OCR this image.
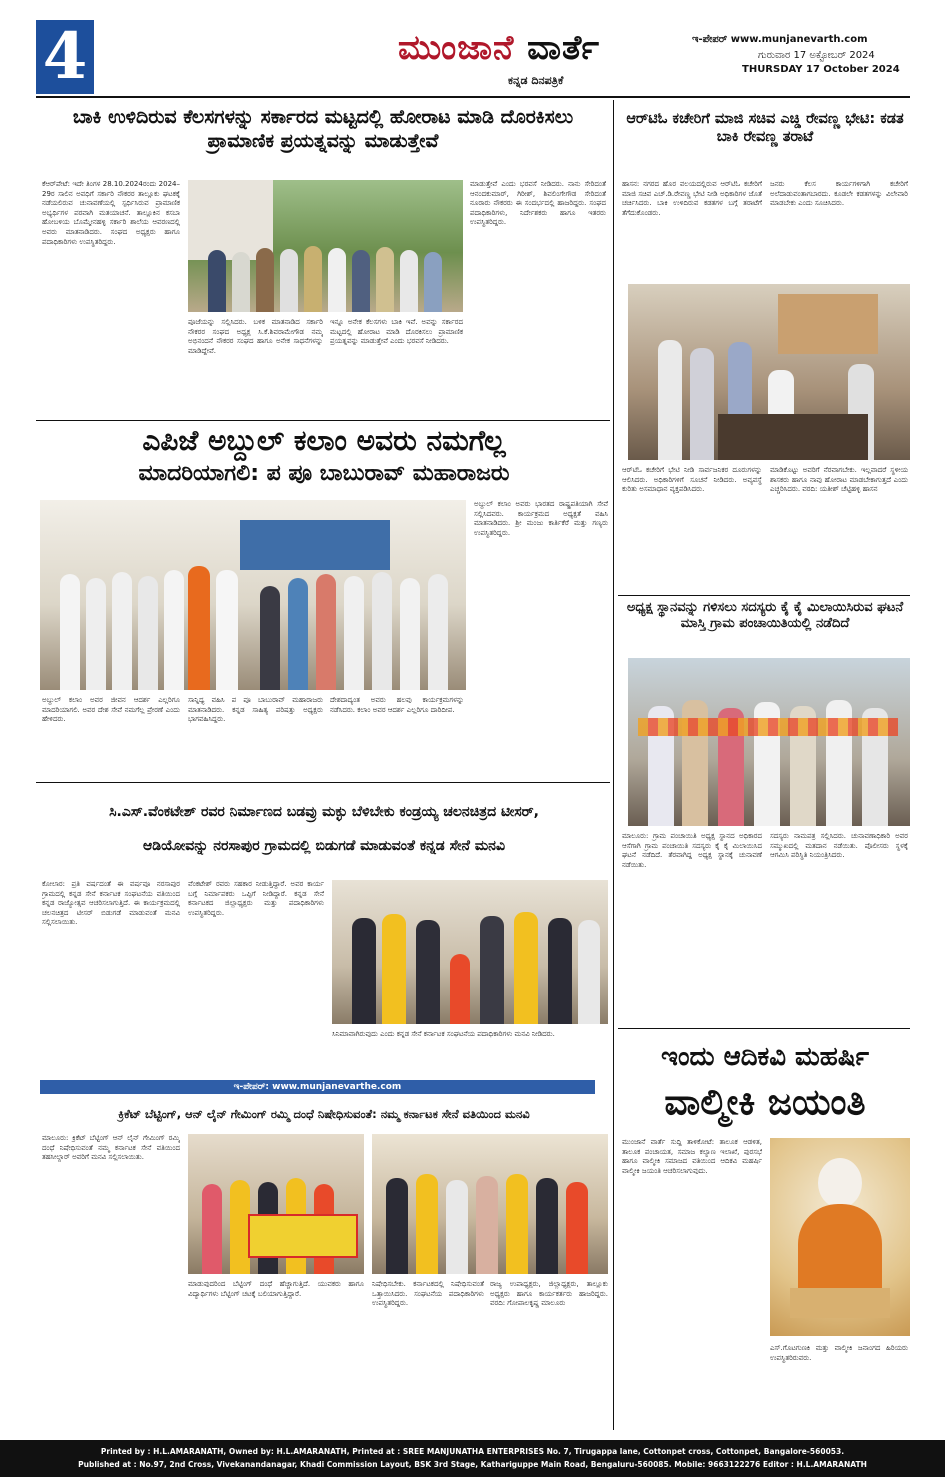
4	ಮುಂಜಾನೆ ವಾರ್ತೆ
ಕನ್ನಡ ದಿನಪತ್ರಿಕೆ
ಇ-ಪೇಪರ್ www.munjanevarth.com
ಗುರುವಾರ 17 ಅಕ್ಟೋಬರ್ 2024
THURSDAY 17 October 2024
ಬಾಕಿ ಉಳಿದಿರುವ ಕೆಲಸಗಳನ್ನು ಸರ್ಕಾರದ ಮಟ್ಟದಲ್ಲಿ ಹೋರಾಟ ಮಾಡಿ ದೊರಕಿಸಲು ಪ್ರಾಮಾಣಿಕ ಪ್ರಯತ್ನವನ್ನು ಮಾಡುತ್ತೇವೆ
ಕೆಆರ್‌ಪೇಟೆ: ಇದೇ ತಿಂಗಳ 28.10.2024ರಂದು 2024–29ರ ಸಾಲಿನ ಅವಧಿಗೆ ಸರ್ಕಾರಿ ನೌಕರರ ತಾಲ್ಲೂಕು ಘಟಕಕ್ಕೆ ನಡೆಯಲಿರುವ ಚುನಾವಣೆಯಲ್ಲಿ ಸ್ಪರ್ಧಿಸಿರುವ ಪ್ರಾಮಾಣಿಕ ಅಭ್ಯರ್ಥಿಗಳ ಪರವಾಗಿ ಮತಯಾಚನೆ. ತಾಲ್ಲೂಕಿನ ಕಸಬಾ ಹೋಬಳಿಯ ಬೊಮ್ಮೇನಹಳ್ಳಿ ಸರ್ಕಾರಿ ಶಾಲೆಯ ಆವರಣದಲ್ಲಿ ಅವರು ಮಾತನಾಡಿದರು. ಸಂಘದ ಅಧ್ಯಕ್ಷರು ಹಾಗೂ ಪದಾಧಿಕಾರಿಗಳು ಉಪಸ್ಥಿತರಿದ್ದರು.
ಪೂಜೆಯನ್ನು ಸಲ್ಲಿಸಿದರು. ಬಳಿಕ ಮಾತನಾಡಿದ ಸರ್ಕಾರಿ ನೌಕರರ ಸಂಘದ ಅಧ್ಯಕ್ಷ ಸಿ.ಕೆ.ಶಿವರಾಮೇಗೌಡ ನಮ್ಮ ಅಭಿನಂದನೆ ನೌಕರರ ಸಂಘದ ಹಾಗೂ ಅನೇಕ ಸಾಧನೆಗಳನ್ನು ಮಾಡಿದ್ದೇವೆ.
ಇನ್ನೂ ಅನೇಕ ಕೆಲಸಗಳು ಬಾಕಿ ಇವೆ. ಅವನ್ನು ಸರ್ಕಾರದ ಮಟ್ಟದಲ್ಲಿ ಹೋರಾಟ ಮಾಡಿ ದೊರಕಿಸಲು ಪ್ರಾಮಾಣಿಕ ಪ್ರಯತ್ನವನ್ನು ಮಾಡುತ್ತೇವೆ ಎಂದು ಭರವಸೆ ನೀಡಿದರು.
ಮಾಡುತ್ತೇವೆ ಎಂದು ಭರವಸೆ ನೀಡಿದರು. ನಾನು ಸೇರಿದಂತೆ ಆನಂದಕುಮಾರ್, ಗಿರೀಶ್, ಶಿವಲಿಂಗೇಗೌಡ ಸೇರಿದಂತೆ ನೂರಾರು ನೌಕರರು ಈ ಸಂದರ್ಭದಲ್ಲಿ ಹಾಜರಿದ್ದರು. ಸಂಘದ ಪದಾಧಿಕಾರಿಗಳು, ನಿರ್ದೇಶಕರು ಹಾಗೂ ಇತರರು ಉಪಸ್ಥಿತರಿದ್ದರು.
ಆರ್‌ಟಿಓ ಕಚೇರಿಗೆ ಮಾಜಿ ಸಚಿವ ಎಚ್ಡಿ ರೇವಣ್ಣ ಭೇಟಿ: ಕಡತ ಬಾಕಿ ರೇವಣ್ಣ ತರಾಟೆ
ಹಾಸನ: ನಗರದ ಹೊರ ವಲಯದಲ್ಲಿರುವ ಆರ್‌ಟಿಓ ಕಚೇರಿಗೆ ಮಾಜಿ ಸಚಿವ ಎಚ್.ಡಿ.ರೇವಣ್ಣ ಭೇಟಿ ನೀಡಿ ಅಧಿಕಾರಿಗಳ ಜೊತೆ ಚರ್ಚಿಸಿದರು. ಬಾಕಿ ಉಳಿದಿರುವ ಕಡತಗಳ ಬಗ್ಗೆ ತರಾಟೆಗೆ ತೆಗೆದುಕೊಂಡರು.
ಜನರು ಕೆಲಸ ಕಾರ್ಯಗಳಿಗಾಗಿ ಕಚೇರಿಗೆ ಅಲೆದಾಡುವಂತಾಗಬಾರದು. ಕೂಡಲೇ ಕಡತಗಳನ್ನು ವಿಲೇವಾರಿ ಮಾಡಬೇಕು ಎಂದು ಸೂಚಿಸಿದರು.
ಆರ್‌ಟಿಓ ಕಚೇರಿಗೆ ಭೇಟಿ ನೀಡಿ ಸಾರ್ವಜನಿಕರ ದೂರುಗಳನ್ನು ಆಲಿಸಿದರು. ಅಧಿಕಾರಿಗಳಿಗೆ ಸೂಚನೆ ನೀಡಿದರು. ಅವ್ಯವಸ್ಥೆ ಕುರಿತು ಅಸಮಾಧಾನ ವ್ಯಕ್ತಪಡಿಸಿದರು.
ಮಾಡಿಕೊಟ್ಟು ಅವರಿಗೆ ನೆರವಾಗಬೇಕು. ಇಲ್ಲವಾದರೆ ಸ್ಥಳೀಯ ಶಾಸಕರು ಹಾಗೂ ನಾವು ಹೋರಾಟ ಮಾಡಬೇಕಾಗುತ್ತದೆ ಎಂದು ಎಚ್ಚರಿಸಿದರು. ವರದಿ: ಯತೀಶ್ ಚೆಟ್ಟಿಹಳ್ಳಿ ಹಾಸನ
ಎಪಿಜೆ ಅಬ್ದುಲ್ ಕಲಾಂ ಅವರು ನಮಗೆಲ್ಲ
ಮಾದರಿಯಾಗಲಿ: ಪ ಪೂ ಬಾಬುರಾವ್ ಮಹಾರಾಜರು
ಅಬ್ದುಲ್ ಕಲಾಂ ಅವರ ಜೀವನ ಆದರ್ಶ ಎಲ್ಲರಿಗೂ ಮಾದರಿಯಾಗಲಿ. ಅವರ ದೇಶ ಸೇವೆ ನಮಗೆಲ್ಲ ಪ್ರೇರಣೆ ಎಂದು ಹೇಳಿದರು.
ಸಾನ್ನಿಧ್ಯ ವಹಿಸಿ ಪ ಪೂ ಬಾಬುರಾವ್ ಮಹಾರಾಜರು ಮಾತನಾಡಿದರು. ಕನ್ನಡ ಸಾಹಿತ್ಯ ಪರಿಷತ್ತು ಅಧ್ಯಕ್ಷರು ಭಾಗವಹಿಸಿದ್ದರು.
ದೇಶದಾದ್ಯಂತ ಅವರು ಹಲವು ಕಾರ್ಯಕ್ರಮಗಳನ್ನು ನಡೆಸಿದರು. ಕಲಾಂ ಅವರ ಆದರ್ಶ ಎಲ್ಲರಿಗೂ ದಾರಿದೀಪ.
ಅಬ್ದುಲ್ ಕಲಾಂ ಅವರು ಭಾರತದ ರಾಷ್ಟ್ರಪತಿಯಾಗಿ ಸೇವೆ ಸಲ್ಲಿಸಿದವರು. ಕಾರ್ಯಕ್ರಮದ ಅಧ್ಯಕ್ಷತೆ ವಹಿಸಿ ಮಾತನಾಡಿದರು. ಶ್ರೀ ಮಂಜು ಕಾರ್ತಿಕೆರೆ ಮತ್ತು ಗಣ್ಯರು ಉಪಸ್ಥಿತರಿದ್ದರು.
ಅಧ್ಯಕ್ಷ ಸ್ಥಾನವನ್ನು ಗಳಿಸಲು ಸದಸ್ಯರು ಕೈ ಕೈ ಮಿಲಾಯಿಸಿರುವ ಘಟನೆ ಮಾಸ್ತಿ ಗ್ರಾಮ ಪಂಚಾಯಿತಿಯಲ್ಲಿ ನಡೆದಿದೆ
ಮಾಲೂರು: ಗ್ರಾಮ ಪಂಚಾಯಿತಿ ಅಧ್ಯಕ್ಷ ಸ್ಥಾನದ ಅಧಿಕಾರದ ಆಸೆಗಾಗಿ ಗ್ರಾಮ ಪಂಚಾಯಿತಿ ಸದಸ್ಯರು ಕೈ ಕೈ ಮಿಲಾಯಿಸಿದ ಘಟನೆ ನಡೆದಿದೆ. ತೆರವಾಗಿದ್ದ ಅಧ್ಯಕ್ಷ ಸ್ಥಾನಕ್ಕೆ ಚುನಾವಣೆ ನಡೆಯಿತು.
ಸದಸ್ಯರು ನಾಮಪತ್ರ ಸಲ್ಲಿಸಿದರು. ಚುನಾವಣಾಧಿಕಾರಿ ಅವರ ಸಮ್ಮುಖದಲ್ಲಿ ಮತದಾನ ನಡೆಯಿತು. ಪೊಲೀಸರು ಸ್ಥಳಕ್ಕೆ ಆಗಮಿಸಿ ಪರಿಸ್ಥಿತಿ ನಿಯಂತ್ರಿಸಿದರು.
ಸಿ.ಎಸ್.ವೆಂಕಟೇಶ್ ರವರ ನಿರ್ಮಾಣದ ಬಡವ್ರು ಮಕ್ಳು ಬೆಳಿಬೇಕು ಕಂಡ್ರಯ್ಯ ಚಲನಚಿತ್ರದ ಟೀಸರ್,
ಆಡಿಯೋವನ್ನು ನರಸಾಪುರ ಗ್ರಾಮದಲ್ಲಿ ಬಿಡುಗಡೆ ಮಾಡುವಂತೆ ಕನ್ನಡ ಸೇನೆ ಮನವಿ
ಕೋಲಾರ: ಪ್ರತಿ ವರ್ಷದಂತೆ ಈ ವರ್ಷವೂ ನರಸಾಪುರ ಗ್ರಾಮದಲ್ಲಿ ಕನ್ನಡ ಸೇನೆ ಕರ್ನಾಟಕ ಸಂಘಟನೆಯ ವತಿಯಿಂದ ಕನ್ನಡ ರಾಜ್ಯೋತ್ಸವ ಆಚರಿಸಲಾಗುತ್ತಿದೆ. ಈ ಕಾರ್ಯಕ್ರಮದಲ್ಲಿ ಚಲನಚಿತ್ರದ ಟೀಸರ್ ಬಿಡುಗಡೆ ಮಾಡುವಂತೆ ಮನವಿ ಸಲ್ಲಿಸಲಾಯಿತು.
ವೆಂಕಟೇಶ್ ರವರು ಸಹಕಾರ ನೀಡುತ್ತಿದ್ದಾರೆ. ಅವರ ಕಾರ್ಯ ಬಗ್ಗೆ ನಿರ್ಮಾಪಕರು ಒಪ್ಪಿಗೆ ನೀಡಿದ್ದಾರೆ. ಕನ್ನಡ ಸೇನೆ ಕರ್ನಾಟಕದ ಜಿಲ್ಲಾಧ್ಯಕ್ಷರು ಮತ್ತು ಪದಾಧಿಕಾರಿಗಳು ಉಪಸ್ಥಿತರಿದ್ದರು.
ಸಿನಿಮಾವಾಗಿರುವುದು ಎಂದು ಕನ್ನಡ ಸೇನೆ ಕರ್ನಾಟಕ ಸಂಘಟನೆಯ ಪದಾಧಿಕಾರಿಗಳು ಮನವಿ ನೀಡಿದರು.
ಇ-ಪೇಪರ್: www.munjanevarthe.com
ಇಂದು ಆದಿಕವಿ ಮಹರ್ಷಿ
ವಾಲ್ಮೀಕಿ ಜಯಂತಿ
ಮುಂಜಾನೆ ವಾರ್ತೆ ಸುದ್ದಿ ತಾಳಿಕೋಟೆ: ತಾಲೂಕ ಆಡಳಿತ, ತಾಲೂಕ ಪಂಚಾಯತ, ಸಮಾಜ ಕಲ್ಯಾಣ ಇಲಾಖೆ, ಪುರಸಭೆ ಹಾಗೂ ವಾಲ್ಮೀಕಿ ಸಮಾಜದ ವತಿಯಿಂದ ಆದಿಕವಿ ಮಹರ್ಷಿ ವಾಲ್ಮೀಕಿ ಜಯಂತಿ ಆಚರಿಸಲಾಗುವುದು.
ಎಸ್.ಗೊಟಗುಣಕಿ ಮತ್ತು ವಾಲ್ಮೀಕಿ ಜನಾಂಗದ ಹಿರಿಯರು ಉಪಸ್ಥಿತರಿರುವರು.
ಕ್ರಿಕೆಟ್ ಬೆಟ್ಟಿಂಗ್, ಆನ್ ಲೈನ್ ಗೇಮಿಂಗ್ ರಮ್ಮಿ ದಂಧೆ ನಿಷೇಧಿಸುವಂತೆ: ನಮ್ಮ ಕರ್ನಾಟಕ ಸೇನೆ ವತಿಯಿಂದ ಮನವಿ
ಮಾಲೂರು: ಕ್ರಿಕೆಟ್ ಬೆಟ್ಟಿಂಗ್ ಆನ್ ಲೈನ್ ಗೇಮಿಂಗ್ ರಮ್ಮಿ ದಂಧೆ ನಿಷೇಧಿಸುವಂತೆ ನಮ್ಮ ಕರ್ನಾಟಕ ಸೇನೆ ವತಿಯಿಂದ ತಹಸೀಲ್ದಾರ್ ಅವರಿಗೆ ಮನವಿ ಸಲ್ಲಿಸಲಾಯಿತು.
ಮಾಡುವುದರಿಂದ ಬೆಟ್ಟಿಂಗ್ ದಂಧೆ ಹೆಚ್ಚಾಗುತ್ತಿದೆ. ಯುವಕರು ಹಾಗೂ ವಿದ್ಯಾರ್ಥಿಗಳು ಬೆಟ್ಟಿಂಗ್ ಚಟಕ್ಕೆ ಬಲಿಯಾಗುತ್ತಿದ್ದಾರೆ.
ನಿಷೇಧಿಸಬೇಕು. ಕರ್ನಾಟಕದಲ್ಲಿ ನಿಷೇಧಿಸುವಂತೆ ಒತ್ತಾಯಿಸಿದರು. ಸಂಘಟನೆಯ ಪದಾಧಿಕಾರಿಗಳು ಉಪಸ್ಥಿತರಿದ್ದರು.
ರಾಜ್ಯ ಉಪಾಧ್ಯಕ್ಷರು, ಜಿಲ್ಲಾಧ್ಯಕ್ಷರು, ತಾಲ್ಲೂಕು ಅಧ್ಯಕ್ಷರು ಹಾಗೂ ಕಾರ್ಯಕರ್ತರು ಹಾಜರಿದ್ದರು. ವರದಿ: ಗೋಪಾಲಕೃಷ್ಣ ಮಾಲೂರು
Printed by : H.L.AMARANATH, Owned by: H.L.AMARANATH, Printed at : SREE MANJUNATHA ENTERPRISES No. 7, Tirugappa lane, Cottonpet cross, Cottonpet, Bangalore-560053.
Published at : No.97, 2nd Cross, Vivekanandanagar, Khadi Commission Layout, BSK 3rd Stage, Kathariguppe Main Road, Bengaluru-560085. Mobile: 9663122276 Editor : H.L.AMARANATH
